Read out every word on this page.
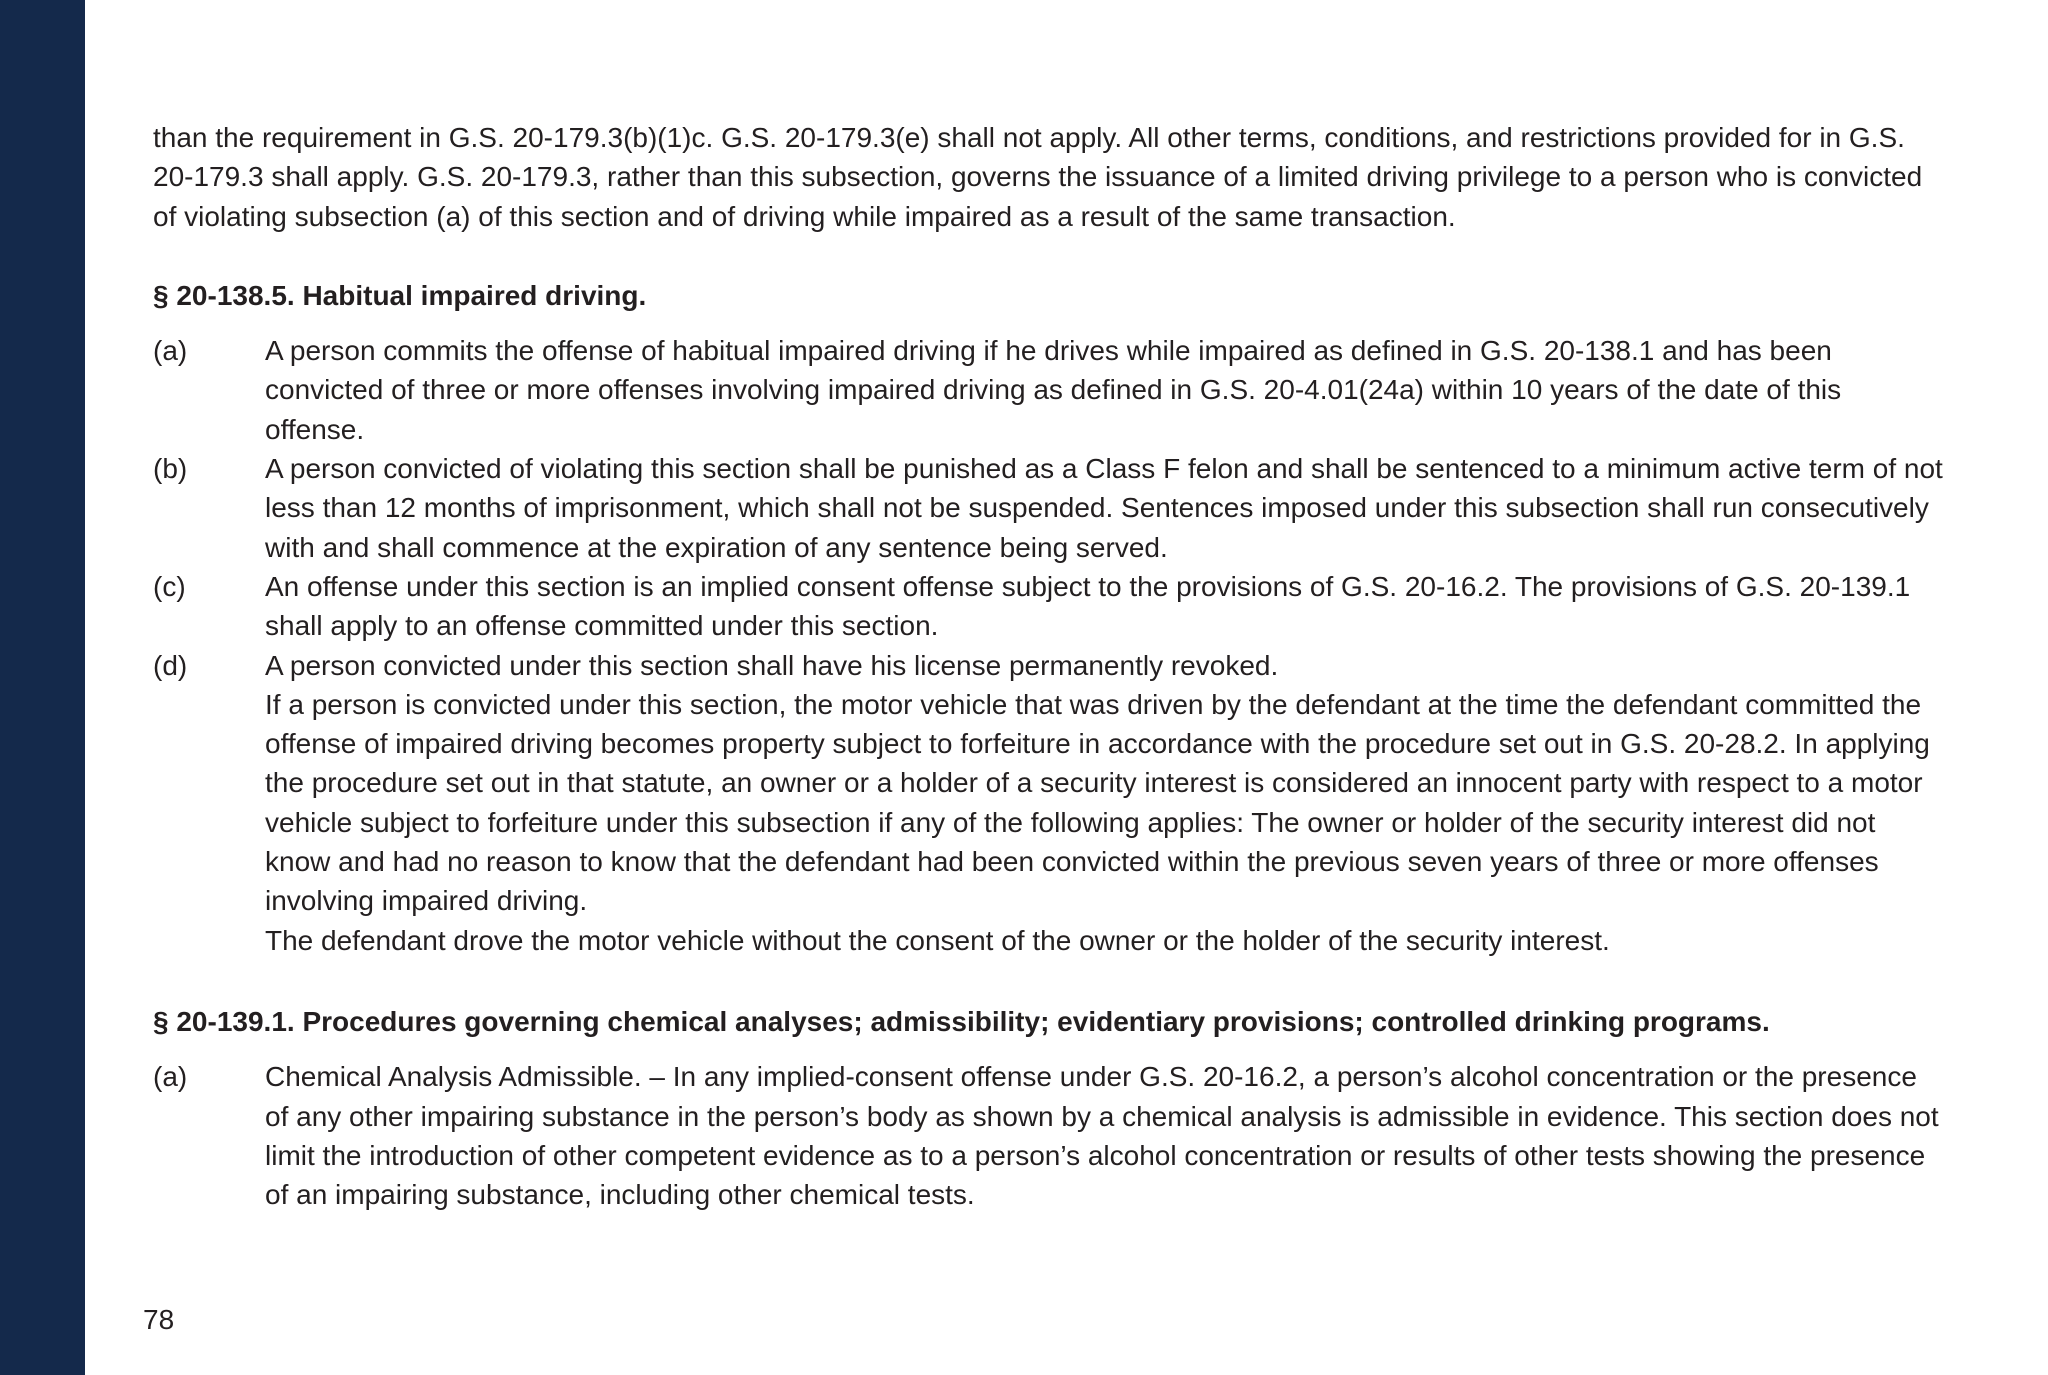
than the requirement in G.S. 20-179.3(b)(1)c. G.S. 20-179.3(e) shall not apply. All other terms, conditions, and restrictions provided for in G.S. 20-179.3 shall apply. G.S. 20-179.3, rather than this subsection, governs the issuance of a limited driving privilege to a person who is convicted of violating subsection (a) of this section and of driving while impaired as a result of the same transaction.

§ 20-138.5. Habitual impaired driving.
(a)	A person commits the offense of habitual impaired driving if he drives while impaired as defined in G.S. 20-138.1 and has been convicted of three or more offenses involving impaired driving as defined in G.S. 20-4.01(24a) within 10 years of the date of this offense.
(b)	A person convicted of violating this section shall be punished as a Class F felon and shall be sentenced to a minimum active term of not less than 12 months of imprisonment, which shall not be suspended. Sentences imposed under this subsection shall run consecutively with and shall commence at the expiration of any sentence being served.
(c)	An offense under this section is an implied consent offense subject to the provisions of G.S. 20-16.2. The provisions of G.S. 20-139.1 shall apply to an offense committed under this section.
(d)	A person convicted under this section shall have his license permanently revoked.
If a person is convicted under this section, the motor vehicle that was driven by the defendant at the time the defendant committed the offense of impaired driving becomes property subject to forfeiture in accordance with the procedure set out in G.S. 20-28.2. In applying the procedure set out in that statute, an owner or a holder of a security interest is considered an innocent party with respect to a motor vehicle subject to forfeiture under this subsection if any of the following applies: The owner or holder of the security interest did not know and had no reason to know that the defendant had been convicted within the previous seven years of three or more offenses involving impaired driving.
The defendant drove the motor vehicle without the consent of the owner or the holder of the security interest.
§ 20-139.1. Procedures governing chemical analyses; admissibility; evidentiary provisions; controlled drinking programs.
(a)	Chemical Analysis Admissible. – In any implied-consent offense under G.S. 20-16.2, a person’s alcohol concentration or the presence of any other impairing substance in the person’s body as shown by a chemical analysis is admissible in evidence. This section does not limit the introduction of other competent evidence as to a person’s alcohol concentration or results of other tests showing the presence of an impairing substance, including other chemical tests.
78
